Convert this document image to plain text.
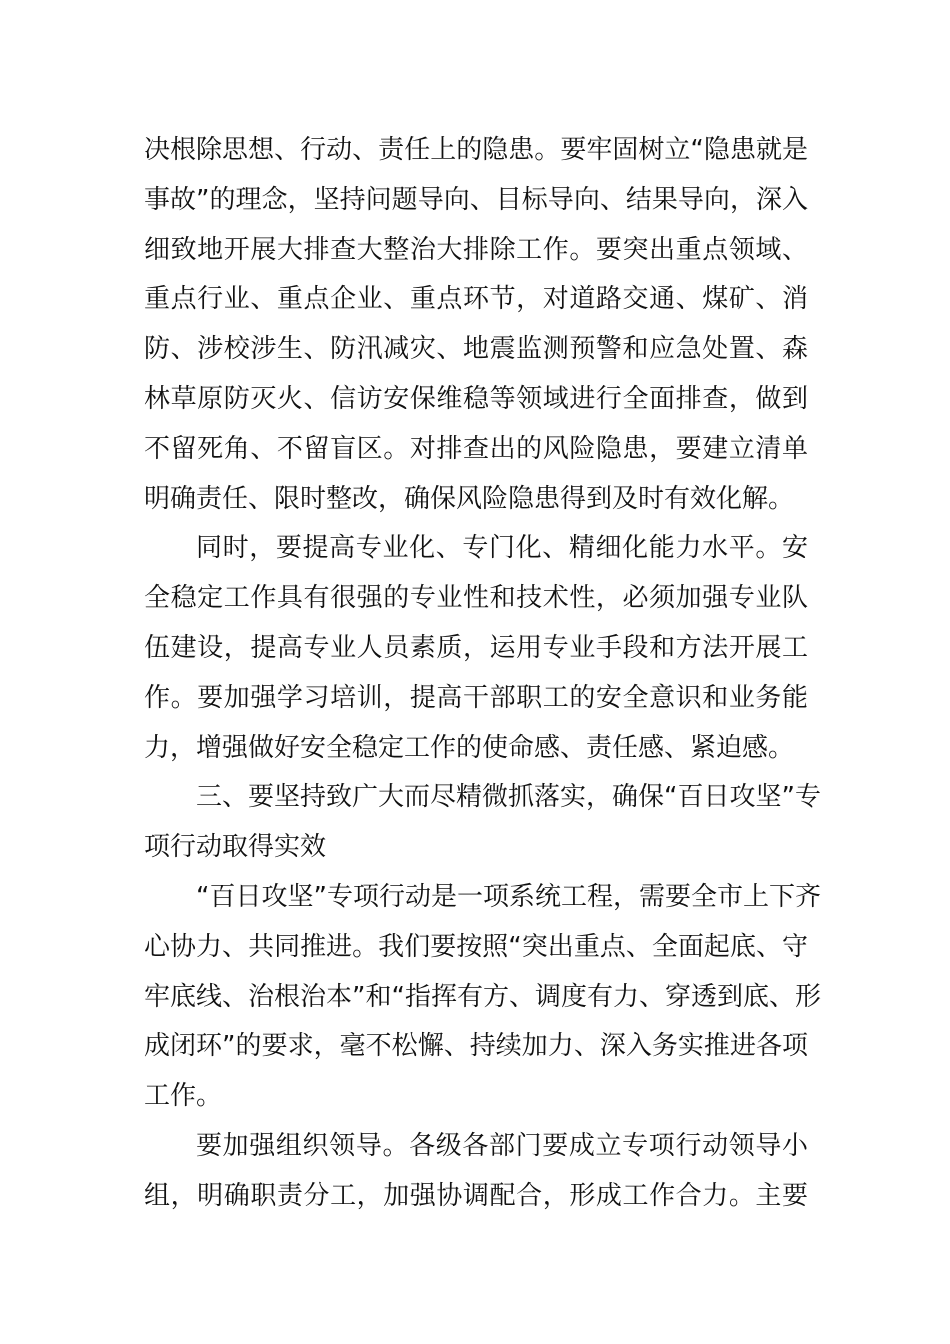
决根除思想、行动、责任上的隐患。要牢固树立“隐患就是
事故”的理念，坚持问题导向、目标导向、结果导向，深入
细致地开展大排查大整治大排除工作。要突出重点领域、
重点行业、重点企业、重点环节，对道路交通、煤矿、消
防、涉校涉生、防汛减灾、地震监测预警和应急处置、森
林草原防灭火、信访安保维稳等领域进行全面排查，做到
不留死角、不留盲区。对排查出的风险隐患，要建立清单
明确责任、限时整改，确保风险隐患得到及时有效化解。
同时，要提高专业化、专门化、精细化能力水平。安
全稳定工作具有很强的专业性和技术性，必须加强专业队
伍建设，提高专业人员素质，运用专业手段和方法开展工
作。要加强学习培训，提高干部职工的安全意识和业务能
力，增强做好安全稳定工作的使命感、责任感、紧迫感。
三、要坚持致广大而尽精微抓落实，确保“百日攻坚”专
项行动取得实效
“百日攻坚”专项行动是一项系统工程，需要全市上下齐
心协力、共同推进。我们要按照“突出重点、全面起底、守
牢底线、治根治本”和“指挥有方、调度有力、穿透到底、形
成闭环”的要求，毫不松懈、持续加力、深入务实推进各项
工作。
要加强组织领导。各级各部门要成立专项行动领导小
组，明确职责分工，加强协调配合，形成工作合力。主要
